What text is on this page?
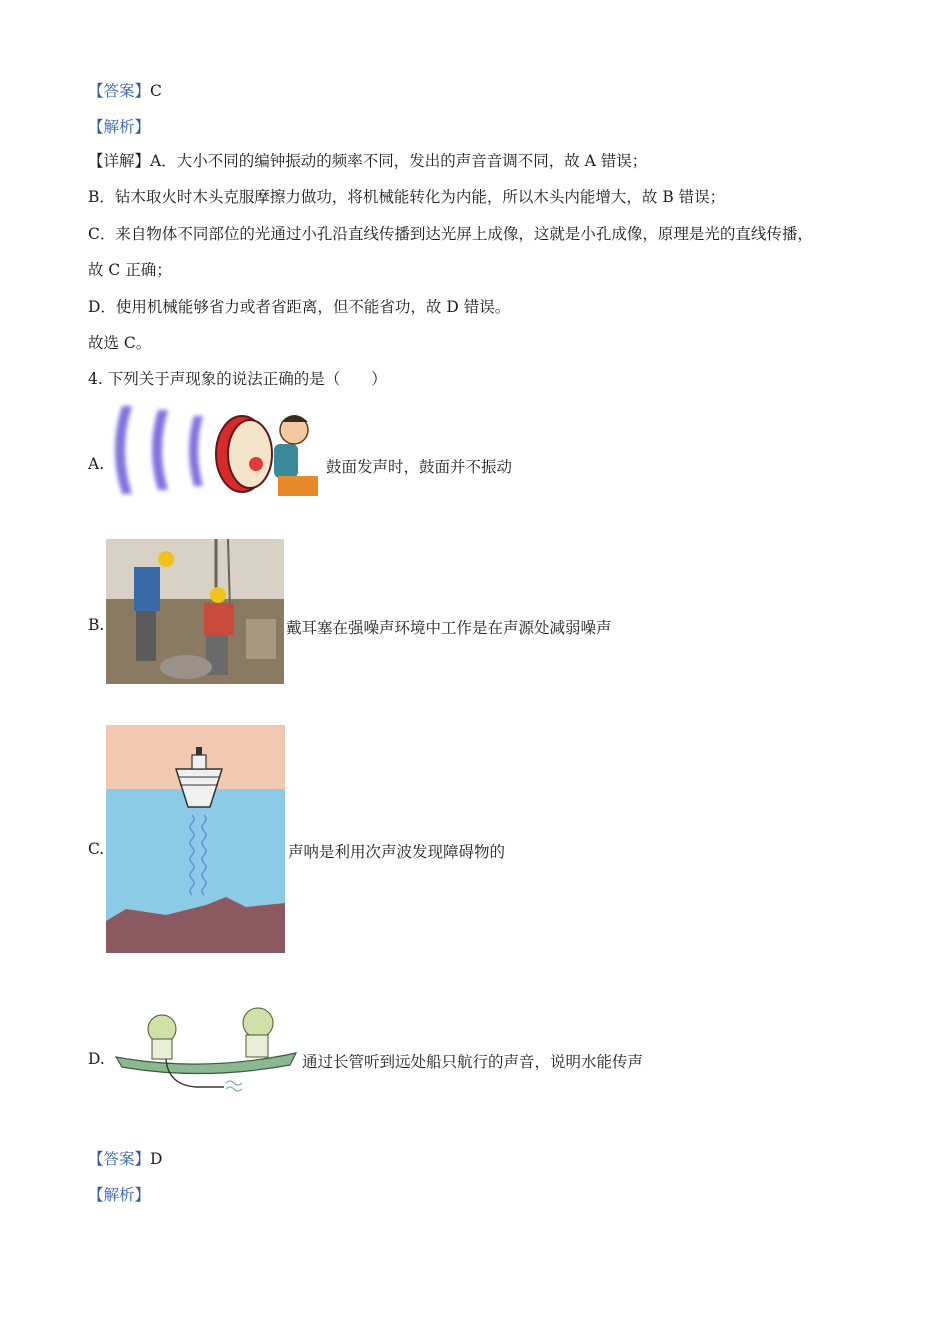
【答案】C
【解析】
【详解】A．大小不同的编钟振动的频率不同，发出的声音音调不同，故 A 错误；
B．钻木取火时木头克服摩擦力做功，将机械能转化为内能，所以木头内能增大，故 B 错误；
C．来自物体不同部位的光通过小孔沿直线传播到达光屏上成像，这就是小孔成像，原理是光的直线传播，
故 C 正确；
D．使用机械能够省力或者省距离，但不能省功，故 D 错误。
故选 C。
4. 下列关于声现象的说法正确的是（　　）
A.	鼓面发声时，鼓面并不振动
B.	戴耳塞在强噪声环境中工作是在声源处减弱噪声
C.	声呐是利用次声波发现障碍物的
D.	通过长管听到远处船只航行的声音，说明水能传声
【答案】D
【解析】
